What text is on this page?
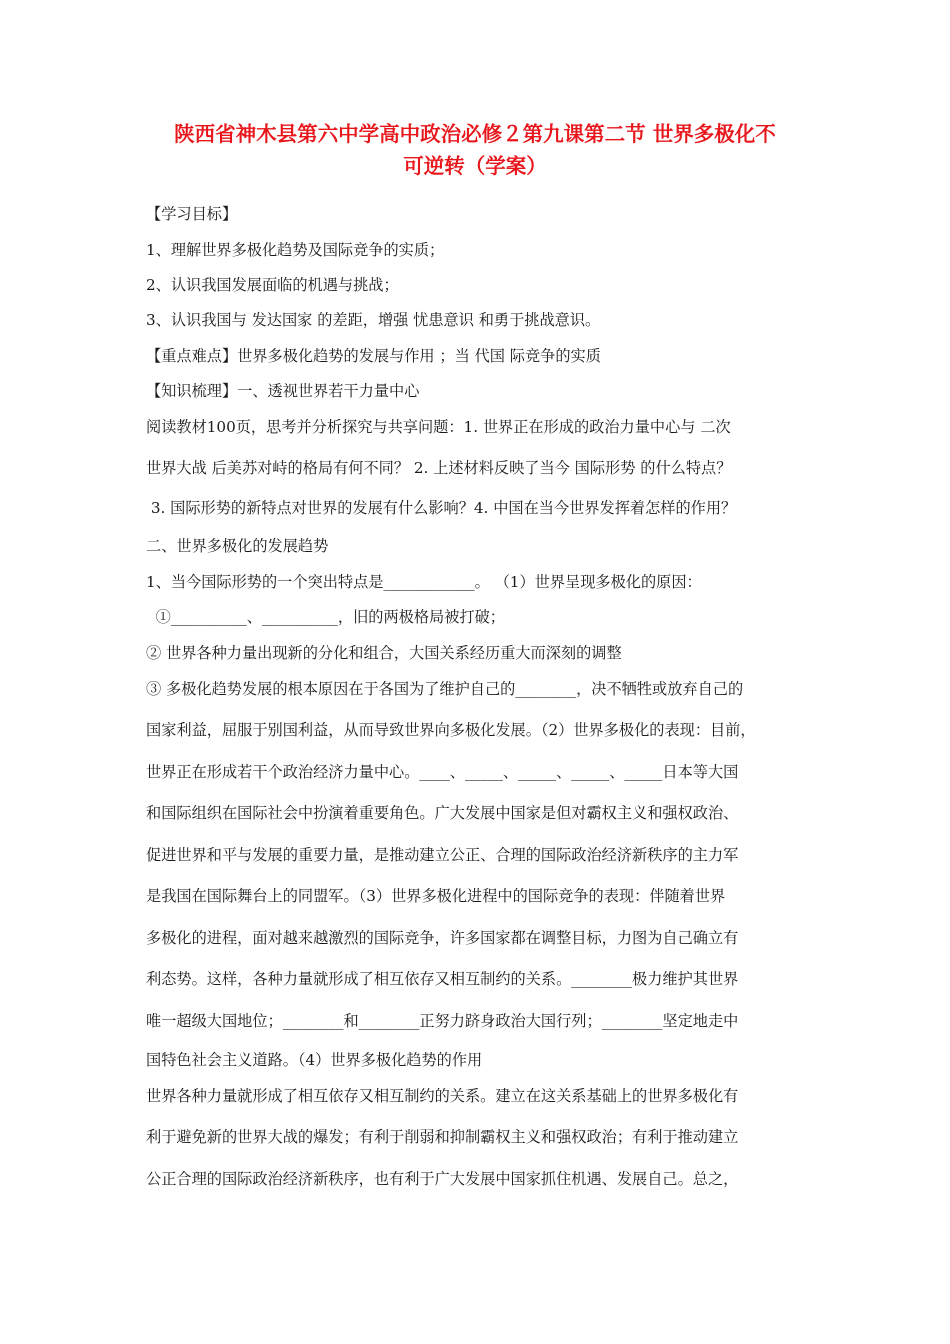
陕西省神木县第六中学高中政治必修２第九课第二节 世界多极化不
可逆转（学案）
【学习目标】
1、理解世界多极化趋势及国际竞争的实质；
2、认识我国发展面临的机遇与挑战；
3、认识我国与 发达国家 的差距，增强 忧患意识 和勇于挑战意识。
【重点难点】世界多极化趋势的发展与作用 ；当 代国 际竞争的实质
【知识梳理】一、透视世界若干力量中心
阅读教材100页，思考并分析探究与共享问题：1. 世界正在形成的政治力量中心与 二次
世界大战 后美苏对峙的格局有何不同？ 2. 上述材料反映了当今 国际形势 的什么特点？
3. 国际形势的新特点对世界的发展有什么影响？4. 中国在当今世界发挥着怎样的作用？
二、世界多极化的发展趋势
1、当今国际形势的一个突出特点是____________。 （1）世界呈现多极化的原因：
①__________、__________，旧的两极格局被打破；
② 世界各种力量出现新的分化和组合，大国关系经历重大而深刻的调整
③ 多极化趋势发展的根本原因在于各国为了维护自己的________，决不牺牲或放弃自己的
国家利益，屈服于别国利益，从而导致世界向多极化发展。（2）世界多极化的表现：目前，
世界正在形成若干个政治经济力量中心。____、_____、_____、_____、_____日本等大国
和国际组织在国际社会中扮演着重要角色。广大发展中国家是但对霸权主义和强权政治、
促进世界和平与发展的重要力量，是推动建立公正、合理的国际政治经济新秩序的主力军
是我国在国际舞台上的同盟军。（3）世界多极化进程中的国际竞争的表现：伴随着世界
多极化的进程，面对越来越激烈的国际竞争，许多国家都在调整目标，力图为自己确立有
利态势。这样，各种力量就形成了相互依存又相互制约的关系。________极力维护其世界
唯一超级大国地位；________和________正努力跻身政治大国行列；________坚定地走中
国特色社会主义道路。（4）世界多极化趋势的作用
世界各种力量就形成了相互依存又相互制约的关系。建立在这关系基础上的世界多极化有
利于避免新的世界大战的爆发；有利于削弱和抑制霸权主义和强权政治；有利于推动建立
公正合理的国际政治经济新秩序，也有利于广大发展中国家抓住机遇、发展自己。总之，
